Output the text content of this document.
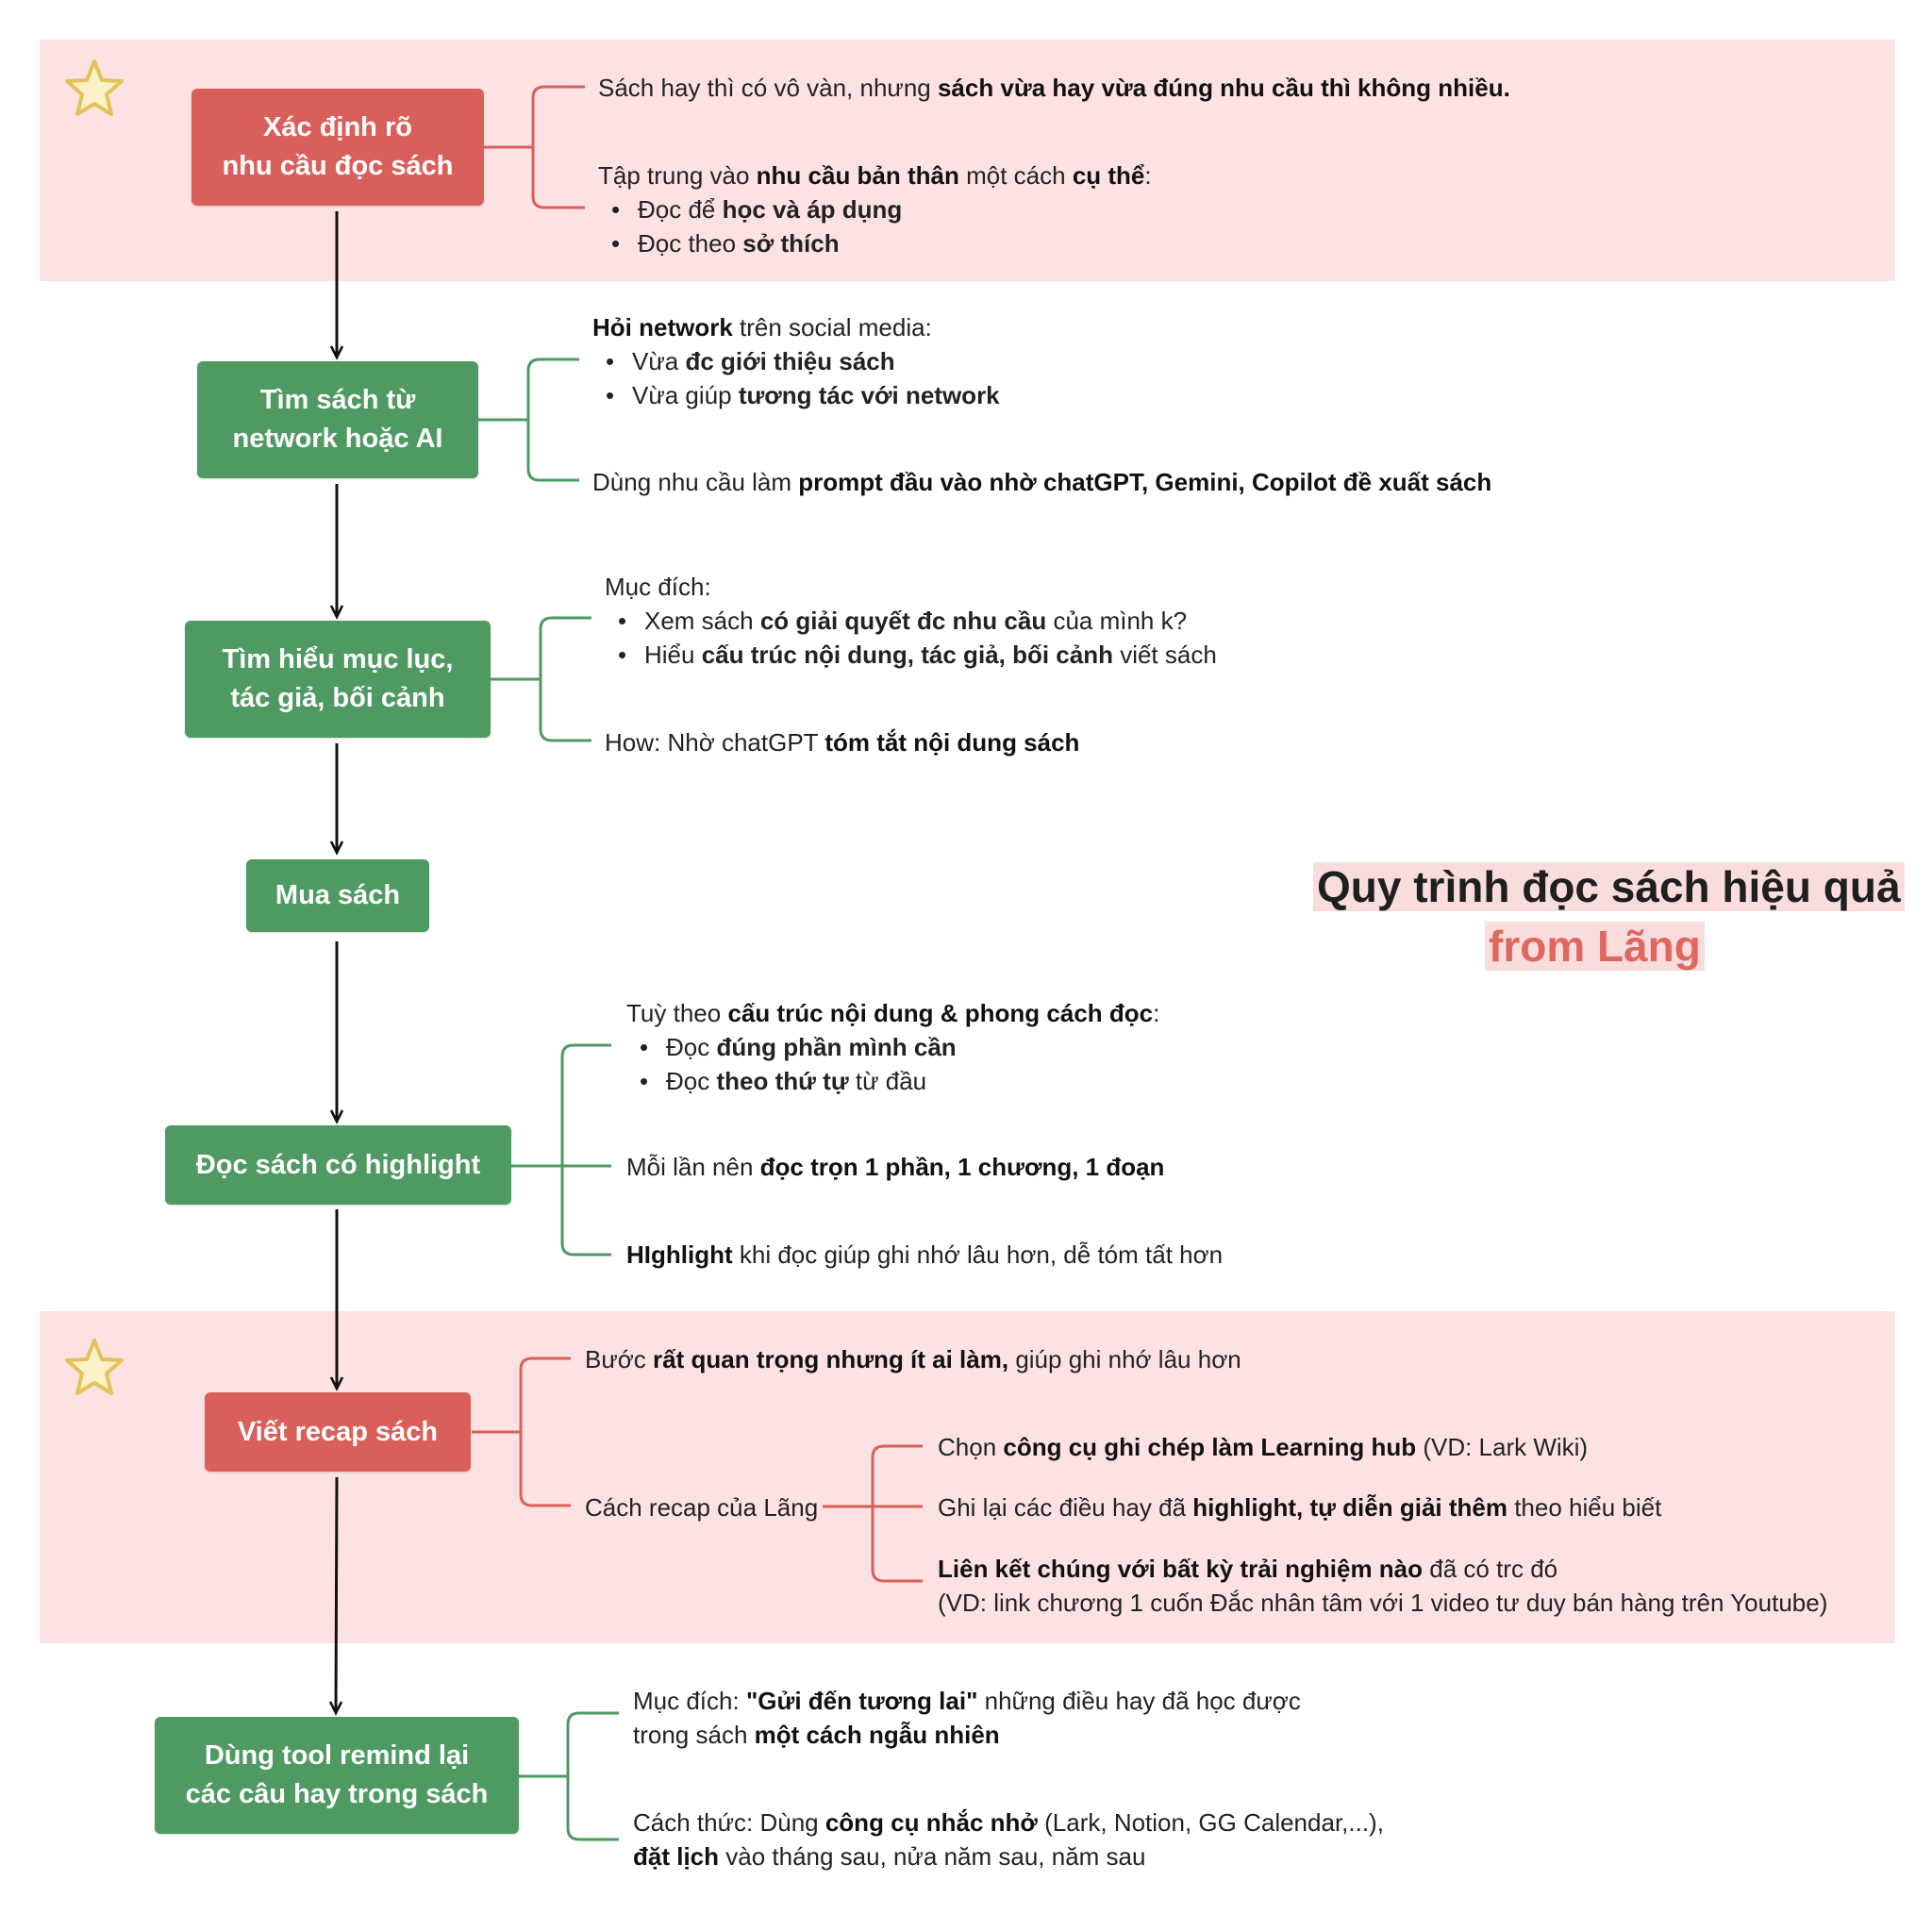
Xác định rõ
nhu cầu đọc sách
Tìm sách từ
network hoặc AI
Tìm hiểu mục lục,
tác giả, bối cảnh
Mua sách
Đọc sách có highlight
Viết recap sách
Dùng tool remind lại
các câu hay trong sách
Sách hay thì có vô vàn, nhưng sách vừa hay vừa đúng nhu cầu thì không nhiều.
Tập trung vào nhu cầu bản thân một cách cụ thể:
• Đọc để học và áp dụng
• Đọc theo sở thích
Hỏi network trên social media:
• Vừa đc giới thiệu sách
• Vừa giúp tương tác với network
Dùng nhu cầu làm prompt đầu vào nhờ chatGPT, Gemini, Copilot đề xuất sách
Mục đích:
• Xem sách có giải quyết đc nhu cầu của mình k?
• Hiểu cấu trúc nội dung, tác giả, bối cảnh viết sách
How: Nhờ chatGPT tóm tắt nội dung sách
Quy trình đọc sách hiệu quả
from Lãng
Tuỳ theo cấu trúc nội dung & phong cách đọc:
• Đọc đúng phần mình cần
• Đọc theo thứ tự từ đầu
Mỗi lần nên đọc trọn 1 phần, 1 chương, 1 đoạn
HIghlight khi đọc giúp ghi nhớ lâu hơn, dễ tóm tất hơn
Bước rất quan trọng nhưng ít ai làm, giúp ghi nhớ lâu hơn
Cách recap của Lãng
Chọn công cụ ghi chép làm Learning hub (VD: Lark Wiki)
Ghi lại các điều hay đã highlight, tự diễn giải thêm theo hiểu biết
Liên kết chúng với bất kỳ trải nghiệm nào đã có trc đó
(VD: link chương 1 cuốn Đắc nhân tâm với 1 video tư duy bán hàng trên Youtube)
Mục đích: "Gửi đến tương lai" những điều hay đã học được
trong sách một cách ngẫu nhiên
Cách thức: Dùng công cụ nhắc nhở (Lark, Notion, GG Calendar,...),
đặt lịch vào tháng sau, nửa năm sau, năm sau
